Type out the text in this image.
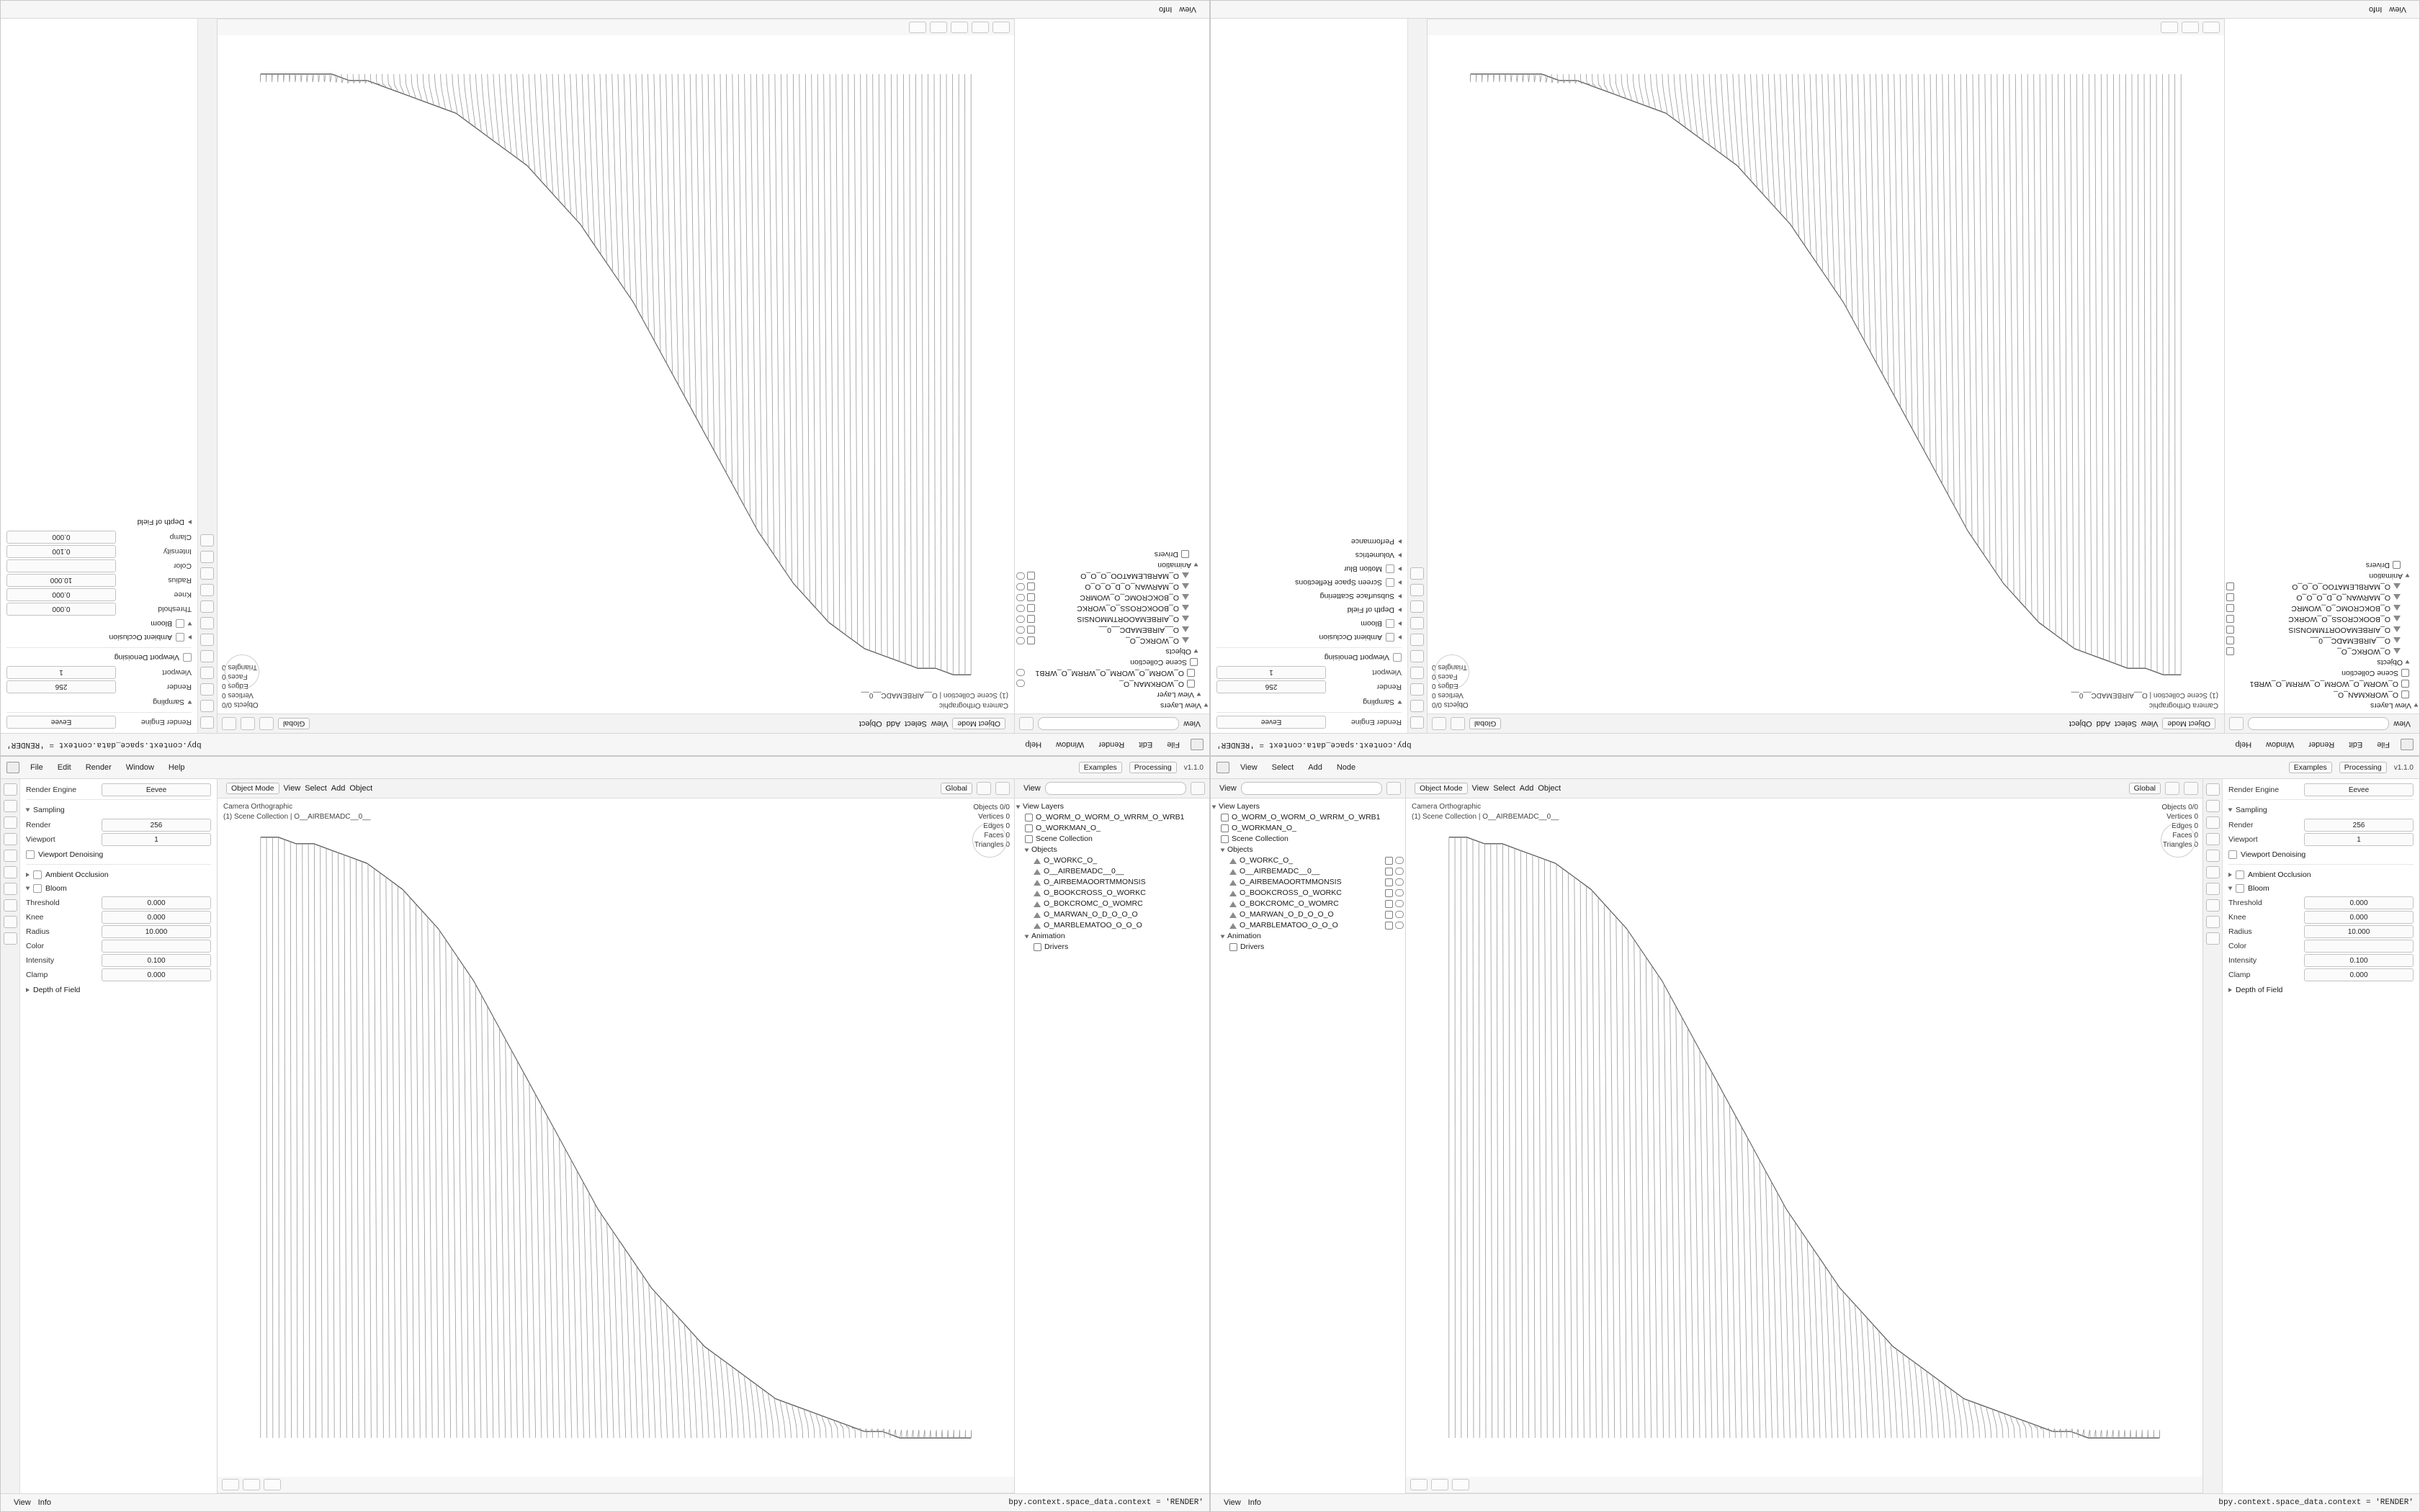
File
Edit
Render
Window
Help
bpy.context.space_data.context = 'RENDER'
View
View Layers
View Layer
O_WORKMAN_O_
O_WORM_O_WORM_O_WRRM_O_WRB1
Scene Collection
Objects
O_WORKC_O_
O__AIRBEMADC__0__
O_AIRBEMAOORTMMONSIS
O_BOOKCROSS_O_WORKC
O_BOKCROMC_O_WOMRC
O_MARWAN_O_D_O_O_O
O_MARBLEMATOO_O_O_O
Animation
Drivers
Object Mode
View
Select
Add
Object
Global
Camera Orthographic
(1) Scene Collection | O__AIRBEMADC__0__
Objects 0/0
Vertices 0
Edges 0
Faces 0
Triangles 0
Render Engine
Eevee
Sampling
Render
256
Viewport
1
Viewport Denoising
Ambient Occlusion
Bloom
Threshold
0.000
Knee
0.000
Radius
10.000
Color
Intensity
0.100
Clamp
0.000
Depth of Field
View
Info
File
Edit
Render
Window
Help
bpy.context.space_data.context = 'RENDER'
View
View Layers
O_WORKMAN_O_
O_WORM_O_WORM_O_WRRM_O_WRB1
Scene Collection
Objects
O_WORKC_O_
O__AIRBEMADC__0__
O_AIRBEMAOORTMMONSIS
O_BOOKCROSS_O_WORKC
O_BOKCROMC_O_WOMRC
O_MARWAN_O_D_O_O_O
O_MARBLEMATOO_O_O_O
Animation
Drivers
Object Mode
View
Select
Add
Object
Global
Camera Orthographic
(1) Scene Collection | O__AIRBEMADC__0__
Objects 0/0
Vertices 0
Edges 0
Faces 0
Triangles 0
Render Engine
Eevee
Sampling
Render
256
Viewport
1
Viewport Denoising
Ambient Occlusion
Bloom
Depth of Field
Subsurface Scattering
Screen Space Reflections
Motion Blur
Volumetrics
Performance
View
Info
File	Edit	Render	Window	Help	Examples	Processing	v1.1.0
Render Engine	Eevee
Sampling
Render	256
Viewport	1
Viewport Denoising
Ambient Occlusion
Bloom
Threshold	0.000
Knee	0.000
Radius	10.000
Color
Intensity	0.100
Clamp	0.000
Depth of Field
Object Mode	View Select Add Object	Global
Camera Orthographic
(1) Scene Collection | O__AIRBEMADC__0__
Objects 0/0
Vertices 0
Edges 0
Faces 0
Triangles 0
View
View Layers
O_WORM_O_WORM_O_WRRM_O_WRB1
O_WORKMAN_O_
Scene Collection
Objects
O_WORKC_O_
O__AIRBEMADC__0__
O_AIRBEMAOORTMMONSIS
O_BOOKCROSS_O_WORKC
O_BOKCROMC_O_WOMRC
O_MARWAN_O_D_O_O_O
O_MARBLEMATOO_O_O_O
Animation
Drivers
View Info	bpy.context.space_data.context = 'RENDER'
View	Select	Add	Node	Examples	Processing	v1.1.0
View
View Layers
O_WORM_O_WORM_O_WRRM_O_WRB1
O_WORKMAN_O_
Scene Collection
Objects
O_WORKC_O_
O__AIRBEMADC__0__
O_AIRBEMAOORTMMONSIS
O_BOOKCROSS_O_WORKC
O_BOKCROMC_O_WOMRC
O_MARWAN_O_D_O_O_O
O_MARBLEMATOO_O_O_O
Animation
Drivers
Object Mode	View Select Add Object	Global
Camera Orthographic
(1) Scene Collection | O__AIRBEMADC__0__
Objects 0/0
Vertices 0
Edges 0
Faces 0
Triangles 0
Render Engine	Eevee
Sampling
Render	256
Viewport	1
Viewport Denoising
Ambient Occlusion
Bloom
Threshold	0.000
Knee	0.000
Radius	10.000
Color
Intensity	0.100
Clamp	0.000
Depth of Field
View Info	bpy.context.space_data.context = 'RENDER'
